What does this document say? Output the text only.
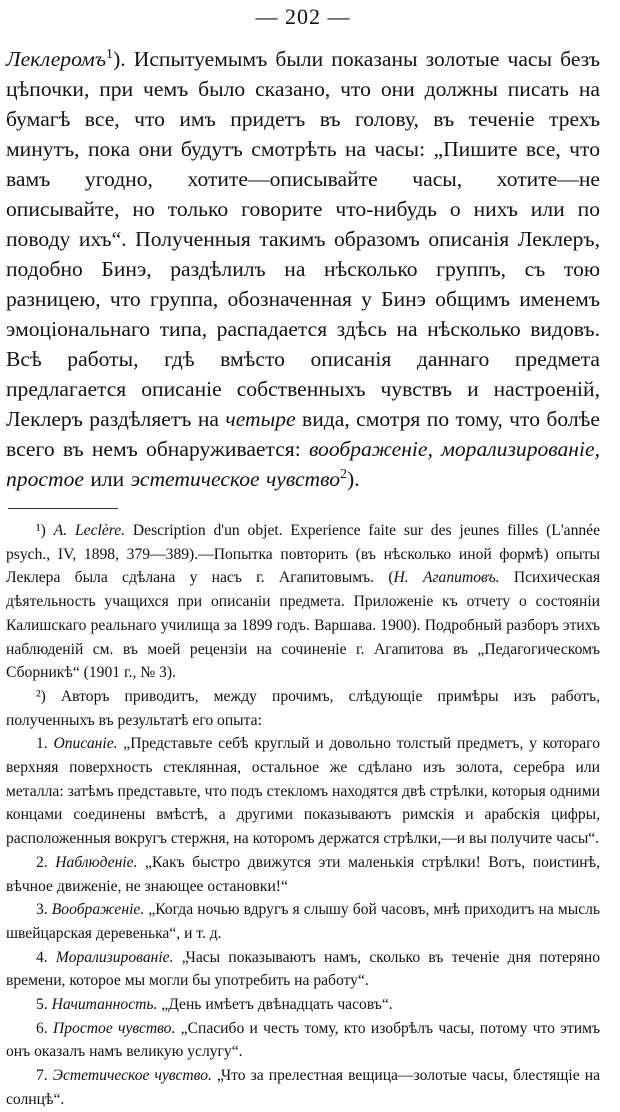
— 202 —

Леклеромъ$^1$). Испытуемымъ были показаны золотые часы безъ цѣпочки, при чемъ было сказано, что они должны писать на бумагѣ все, что имъ придетъ въ голову, въ теченіе трехъ минутъ, пока они будутъ смотрѣть на часы: „Пишите все, что вамъ угодно, хотите—описывайте часы, хотите—не описывайте, но только говорите что-нибудь о нихъ или по поводу ихъ“. Полученныя такимъ образомъ описанія Леклеръ, подобно Бинэ, раздѣлилъ на нѣсколько группъ, съ тою разницею, что группа, обозначенная у Бинэ общимъ именемъ эмоціональнаго типа, распадается здѣсь на нѣсколько видовъ. Всѣ работы, гдѣ вмѣсто описанія даннаго предмета предлагается описаніе собственныхъ чувствъ и настроеній, Леклеръ раздѣляетъ на четыре вида, смотря по тому, что болѣе всего въ немъ обнаруживается: воображеніе, морализированіе, простое или эстетическое чувство$^2$).

¹) A. Leclère. Description d'un objet. Experience faite sur des jeunes filles (L'année psych., IV, 1898, 379—389).—Попытка повторить (въ нѣсколько иной формѣ) опыты Леклера была сдѣлана у насъ г. Агапитовымъ. (Н. Агапитовъ. Психическая дѣятельность учащихся при описаніи предмета. Приложеніе къ отчету о состояніи Калишскаго реальнаго училища за 1899 годъ. Варшава. 1900). Подробный разборъ этихъ наблюденій см. въ моей рецензіи на сочиненіе г. Агапитова въ „Педагогическомъ Сборникѣ“ (1901 г., № 3).

²) Авторъ приводитъ, между прочимъ, слѣдующіе примѣры изъ работъ, полученныхъ въ результатѣ его опыта:

1. Описаніе. „Представьте себѣ круглый и довольно толстый предметъ, у котораго верхняя поверхность стеклянная, остальное же сдѣлано изъ золота, серебра или металла: затѣмъ представьте, что подъ стекломъ находятся двѣ стрѣлки, которыя одними концами соединены вмѣстѣ, а другими показываютъ римскія и арабскія цифры, расположенныя вокругъ стержня, на которомъ держатся стрѣлки,—и вы получите часы“.

2. Наблюденіе. „Какъ быстро движутся эти маленькія стрѣлки! Вотъ, поистинѣ, вѣчное движеніе, не знающее остановки!“

3. Воображеніе. „Когда ночью вдругъ я слышу бой часовъ, мнѣ приходитъ на мысль швейцарская деревенька“, и т. д.

4. Морализированіе. „Часы показываютъ намъ, сколько въ теченіе дня потеряно времени, которое мы могли бы употребить на работу“.

5. Начитанность. „День имѣетъ двѣнадцать часовъ“.

6. Простое чувство. „Спасибо и честь тому, кто изобрѣлъ часы, потому что этимъ онъ оказалъ намъ великую услугу“.

7. Эстетическое чувство. „Что за прелестная вещица—золотые часы, блестящіе на солнцѣ“.
